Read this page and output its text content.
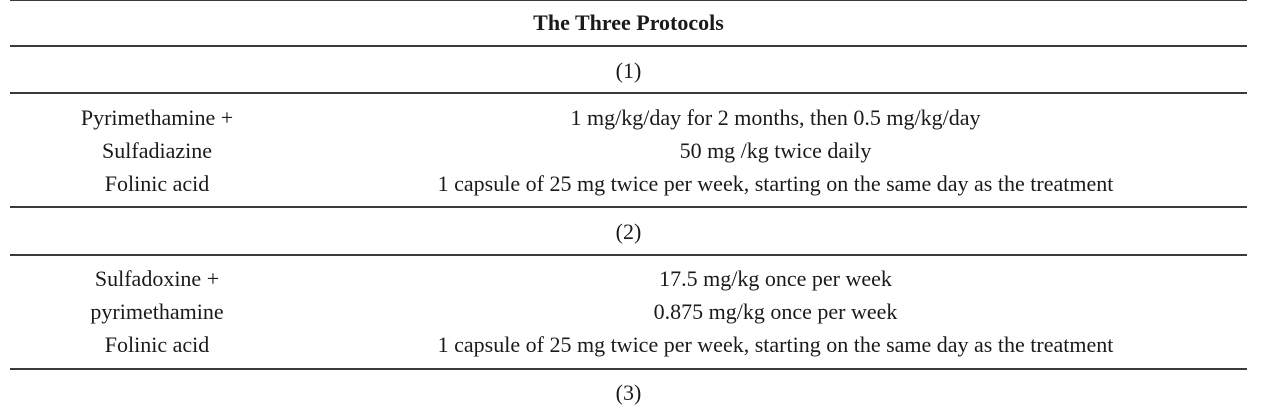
The Three Protocols
(1)
Pyrimethamine +	1 mg/kg/day for 2 months, then 0.5 mg/kg/day
Sulfadiazine	50 mg /kg twice daily
Folinic acid	1 capsule of 25 mg twice per week, starting on the same day as the treatment
(2)
Sulfadoxine +	17.5 mg/kg once per week
pyrimethamine	0.875 mg/kg once per week
Folinic acid	1 capsule of 25 mg twice per week, starting on the same day as the treatment
(3)
